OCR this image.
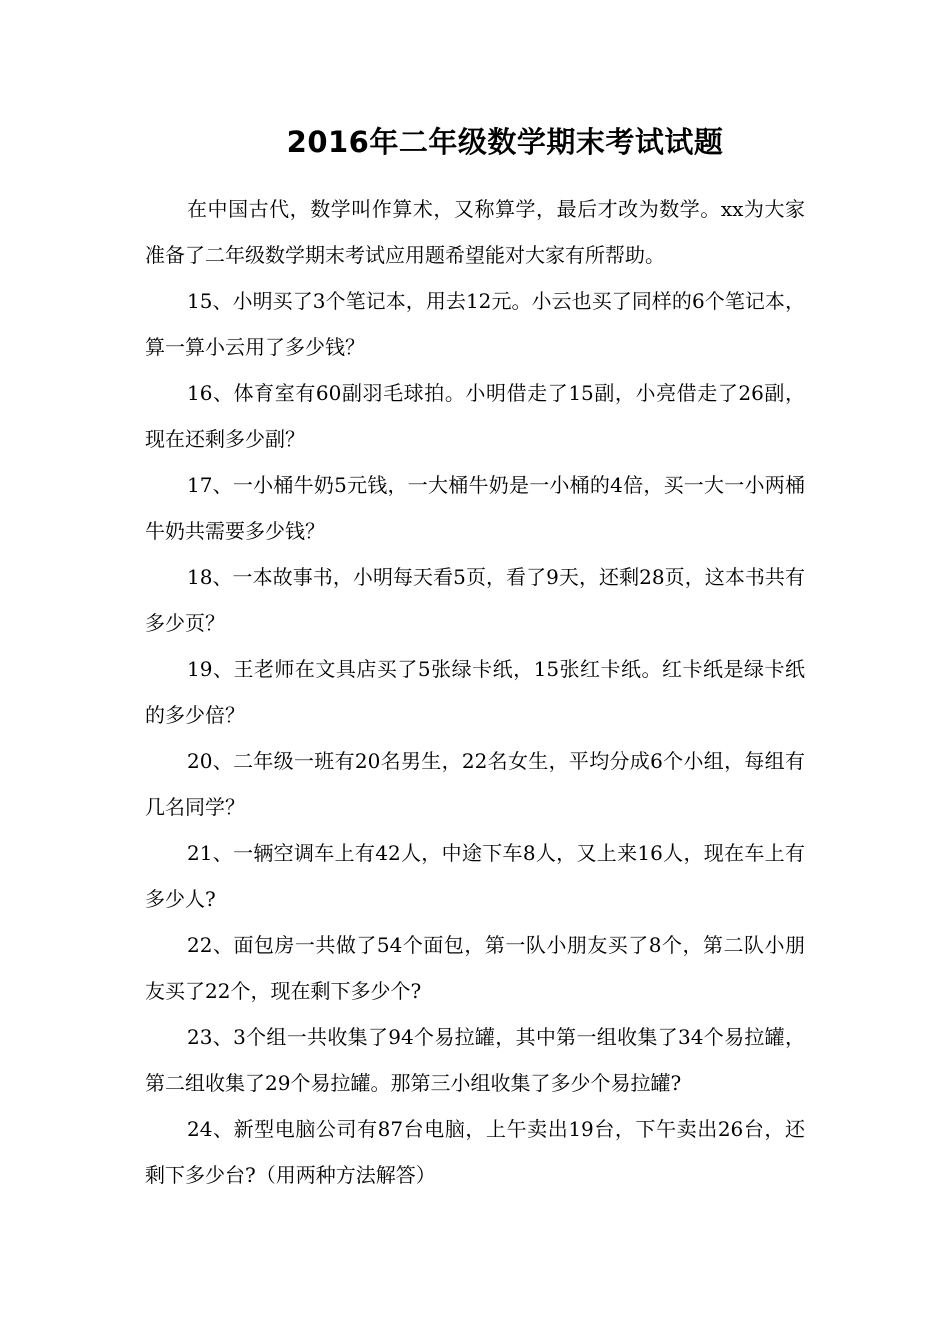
2016年二年级数学期末考试试题

在中国古代，数学叫作算术，又称算学，最后才改为数学。xx为大家准备了二年级数学期末考试应用题希望能对大家有所帮助。

15、小明买了3个笔记本，用去12元。小云也买了同样的6个笔记本，算一算小云用了多少钱？

16、体育室有60副羽毛球拍。小明借走了15副，小亮借走了26副，现在还剩多少副？

17、一小桶牛奶5元钱，一大桶牛奶是一小桶的4倍，买一大一小两桶牛奶共需要多少钱？

18、一本故事书，小明每天看5页，看了9天，还剩28页，这本书共有多少页？

19、王老师在文具店买了5张绿卡纸，15张红卡纸。红卡纸是绿卡纸的多少倍？

20、二年级一班有20名男生，22名女生，平均分成6个小组，每组有几名同学？

21、一辆空调车上有42人，中途下车8人，又上来16人，现在车上有多少人?

22、面包房一共做了54个面包，第一队小朋友买了8个，第二队小朋友买了22个，现在剩下多少个?

23、3个组一共收集了94个易拉罐，其中第一组收集了34个易拉罐，第二组收集了29个易拉罐。那第三小组收集了多少个易拉罐?

24、新型电脑公司有87台电脑，上午卖出19台，下午卖出26台，还剩下多少台?（用两种方法解答）
